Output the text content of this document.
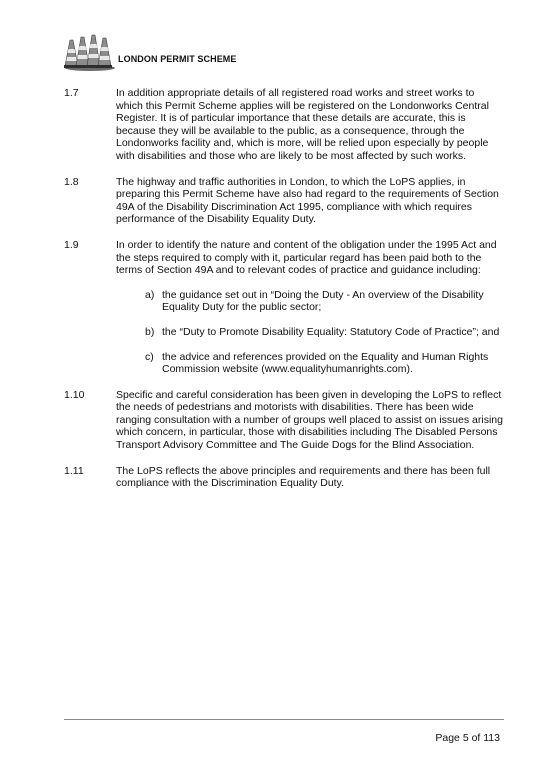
LONDON PERMIT SCHEME
1.7	In addition appropriate details of all registered road works and street works to which this Permit Scheme applies will be registered on the Londonworks Central Register. It is of particular importance that these details are accurate, this is because they will be available to the public, as a consequence, through the Londonworks facility and, which is more, will be relied upon especially by people with disabilities and those who are likely to be most affected by such works.
1.8	The highway and traffic authorities in London, to which the LoPS applies, in preparing this Permit Scheme have also had regard to the requirements of Section 49A of the Disability Discrimination Act 1995, compliance with which requires performance of the Disability Equality Duty.
1.9	In order to identify the nature and content of the obligation under the 1995 Act and the steps required to comply with it, particular regard has been paid both to the terms of Section 49A and to relevant codes of practice and guidance including:
a) the guidance set out in “Doing the Duty - An overview of the Disability Equality Duty for the public sector;
b) the “Duty to Promote Disability Equality: Statutory Code of Practice”; and
c) the advice and references provided on the Equality and Human Rights Commission website (www.equalityhumanrights.com).
1.10	Specific and careful consideration has been given in developing the LoPS to reflect the needs of pedestrians and motorists with disabilities. There has been wide ranging consultation with a number of groups well placed to assist on issues arising which concern, in particular, those with disabilities including The Disabled Persons Transport Advisory Committee and The Guide Dogs for the Blind Association.
1.11	The LoPS reflects the above principles and requirements and there has been full compliance with the Discrimination Equality Duty.
Page 5 of 113
